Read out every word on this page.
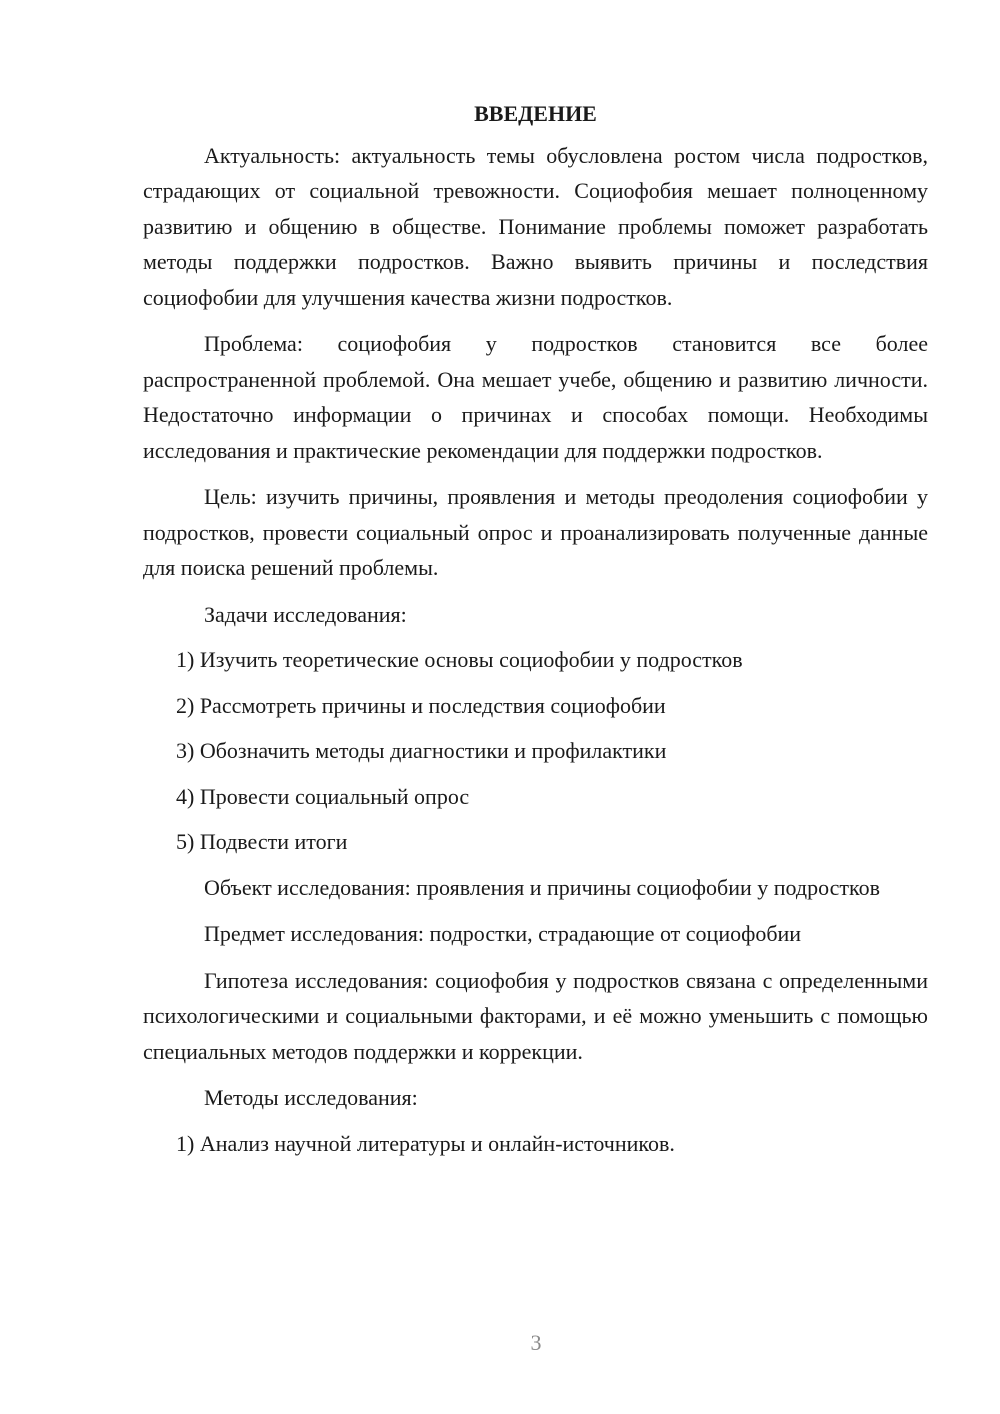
ВВЕДЕНИЕ

Актуальность: актуальность темы обусловлена ростом числа подростков, страдающих от социальной тревожности. Социофобия мешает полноценному развитию и общению в обществе. Понимание проблемы поможет разработать методы поддержки подростков. Важно выявить причины и последствия социофобии для улучшения качества жизни подростков.

Проблема: социофобия у подростков становится все более распространенной проблемой. Она мешает учебе, общению и развитию личности. Недостаточно информации о причинах и способах помощи. Необходимы исследования и практические рекомендации для поддержки подростков.

Цель: изучить причины, проявления и методы преодоления социофобии у подростков, провести социальный опрос и проанализировать полученные данные для поиска решений проблемы.

Задачи исследования:

1) Изучить теоретические основы социофобии у подростков

2) Рассмотреть причины и последствия социофобии

3) Обозначить методы диагностики и профилактики

4) Провести социальный опрос

5) Подвести итоги

Объект исследования: проявления и причины социофобии у подростков

Предмет исследования: подростки, страдающие от социофобии

Гипотеза исследования: социофобия у подростков связана с определенными психологическими и социальными факторами, и её можно уменьшить с помощью специальных методов поддержки и коррекции.

Методы исследования:

1) Анализ научной литературы и онлайн-источников.

3
